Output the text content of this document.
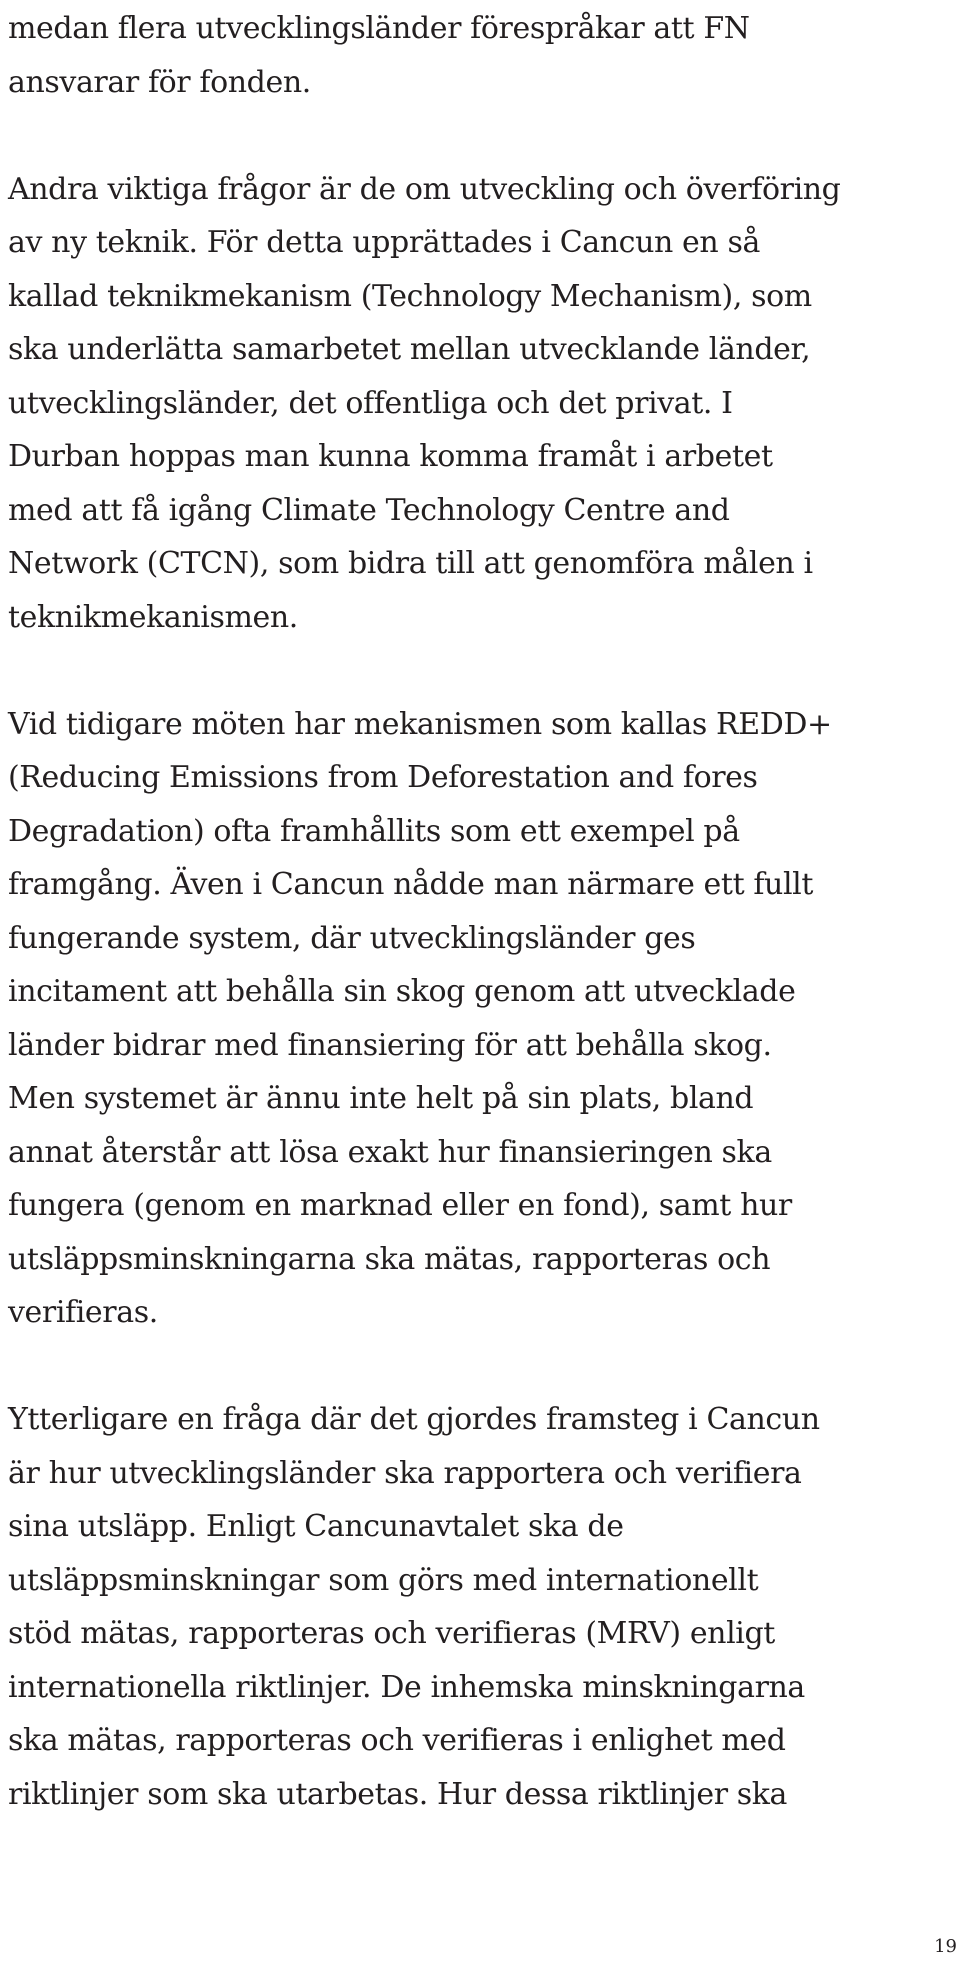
medan flera utvecklingsländer förespråkar att FN
ansvarar för fonden.
Andra viktiga frågor är de om utveckling och överföring
av ny teknik. För detta upprättades i Cancun en så
kallad teknikmekanism (Technology Mechanism), som
ska underlätta samarbetet mellan utvecklande länder,
utvecklingsländer, det offentliga och det privat. I
Durban hoppas man kunna komma framåt i arbetet
med att få igång Climate Technology Centre and
Network (CTCN), som bidra till att genomföra målen i
teknikmekanismen.
Vid tidigare möten har mekanismen som kallas REDD+
(Reducing Emissions from Deforestation and fores
Degradation) ofta framhållits som ett exempel på
framgång. Även i Cancun nådde man närmare ett fullt
fungerande system, där utvecklingsländer ges
incitament att behålla sin skog genom att utvecklade
länder bidrar med finansiering för att behålla skog.
Men systemet är ännu inte helt på sin plats, bland
annat återstår att lösa exakt hur finansieringen ska
fungera (genom en marknad eller en fond), samt hur
utsläppsminskningarna ska mätas, rapporteras och
verifieras.
Ytterligare en fråga där det gjordes framsteg i Cancun
är hur utvecklingsländer ska rapportera och verifiera
sina utsläpp. Enligt Cancunavtalet ska de
utsläppsminskningar som görs med internationellt
stöd mätas, rapporteras och verifieras (MRV) enligt
internationella riktlinjer. De inhemska minskningarna
ska mätas, rapporteras och verifieras i enlighet med
riktlinjer som ska utarbetas. Hur dessa riktlinjer ska
19
